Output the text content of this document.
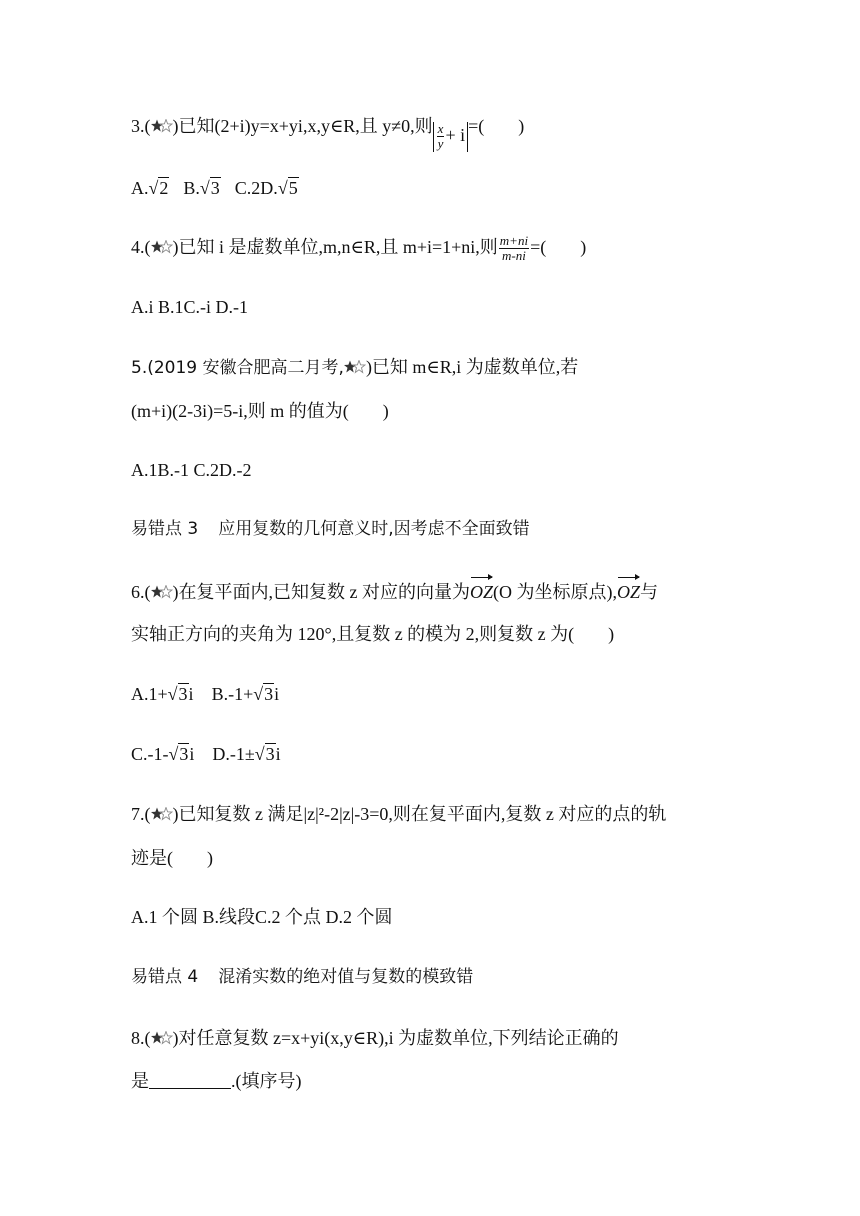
3.( )已知(2+i)y=x+yi,x,y∈R,且 y≠0,则 $\frac{x}{y} + i$ =( )
A.√2 B.√3 C.2D.√5
4.( )已知 i 是虚数单位,m,n∈R,且 m+i=1+ni,则 $\frac{m+ni}{m-ni}$ =( )
A.i B.1C.-i D.-1
5.(2019 安徽合肥高二月考, )已知 m∈R,i 为虚数单位,若
(m+i)(2-3i)=5-i,则 m 的值为( )
A.1B.-1 C.2D.-2
易错点 3 应用复数的几何意义时,因考虑不全面致错
6.( )在复平面内,已知复数 z 对应的向量为OZ(O 为坐标原点),OZ与
实轴正方向的夹角为 120°,且复数 z 的模为 2,则复数 z 为( )
A.1+√3i B.-1+√3i
C.-1-√3i D.-1±√3i
7.( )已知复数 z 满足|z|²-2|z|-3=0,则在复平面内,复数 z 对应的点的轨
迹是( )
A.1 个圆 B.线段C.2 个点 D.2 个圆
易错点 4 混淆实数的绝对值与复数的模致错
8.( )对任意复数 z=x+yi(x,y∈R),i 为虚数单位,下列结论正确的
是	.(填序号)
